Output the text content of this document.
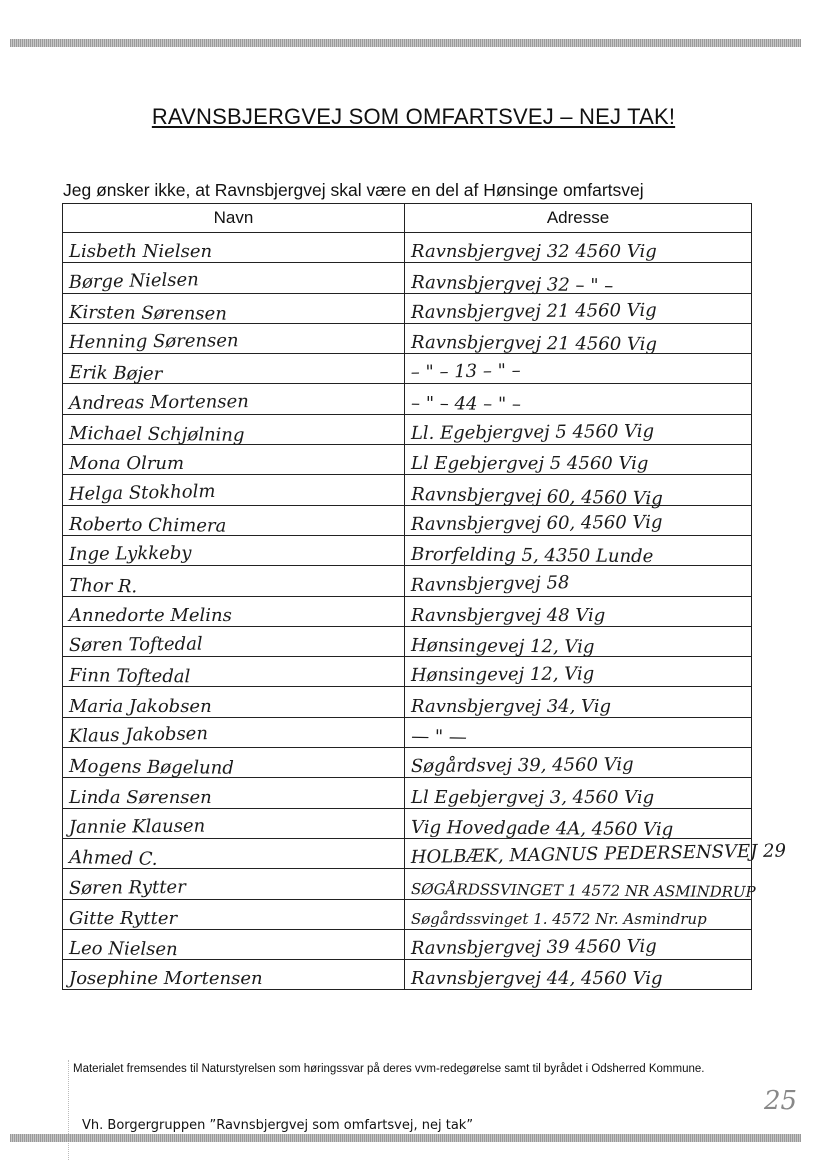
RAVNSBJERGVEJ SOM OMFARTSVEJ – NEJ TAK!
Jeg ønsker ikke, at Ravnsbjergvej skal være en del af Hønsinge omfartsvej
Navn	Adresse
Lisbeth Nielsen	Ravnsbjergvej 32 4560 Vig
Børge Nielsen	Ravnsbjergvej 32 – " –
Kirsten Sørensen	Ravnsbjergvej 21 4560 Vig
Henning Sørensen	Ravnsbjergvej 21 4560 Vig
Erik Bøjer	– " – 13 – " –
Andreas Mortensen	– " – 44 – " –
Michael Schjølning	Ll. Egebjergvej 5 4560 Vig
Mona Olrum	Ll Egebjergvej 5 4560 Vig
Helga Stokholm	Ravnsbjergvej 60, 4560 Vig
Roberto Chimera	Ravnsbjergvej 60, 4560 Vig
Inge Lykkeby	Brorfelding 5, 4350 Lunde
Thor R.	Ravnsbjergvej 58
Annedorte Melins	Ravnsbjergvej 48 Vig
Søren Toftedal	Hønsingevej 12, Vig
Finn Toftedal	Hønsingevej 12, Vig
Maria Jakobsen	Ravnsbjergvej 34, Vig
Klaus Jakobsen	— " —
Mogens Bøgelund	Søgårdsvej 39, 4560 Vig
Linda Sørensen	Ll Egebjergvej 3, 4560 Vig
Jannie Klausen	Vig Hovedgade 4A, 4560 Vig
Ahmed C.	HOLBÆK, MAGNUS PEDERSENSVEJ 29
Søren Rytter	SØGÅRDSSVINGET 1 4572 NR ASMINDRUP
Gitte Rytter	Søgårdssvinget 1. 4572 Nr. Asmindrup
Leo Nielsen	Ravnsbjergvej 39 4560 Vig
Josephine Mortensen	Ravnsbjergvej 44, 4560 Vig
Materialet fremsendes til Naturstyrelsen som høringssvar på deres vvm-redegørelse samt til byrådet i Odsherred Kommune.
Vh. Borgergruppen ”Ravnsbjergvej som omfartsvej, nej tak”
25
